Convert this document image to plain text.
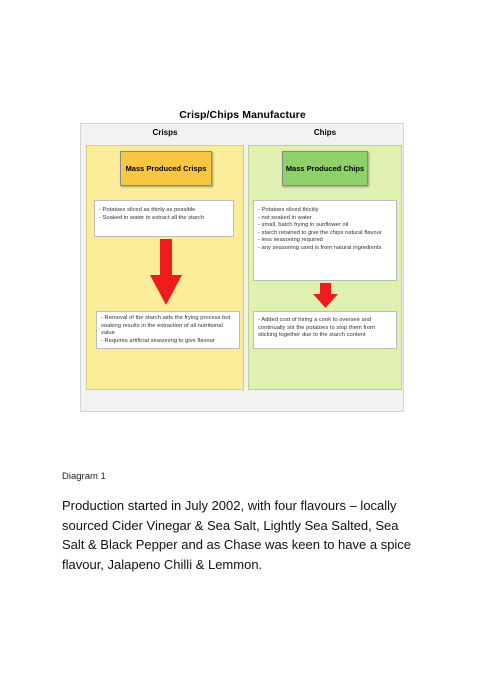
Crisp/Chips Manufacture
Crisps	Chips
Mass Produced Crisps	Mass Produced Chips
- Potatoes sliced as thinly as possible
- Soaked in water to extract all the starch
- Potatoes sliced thickly
- not soaked in water
- small, batch frying in sunflower oil
- starch retained to give the chips natural flavour
- less seasoning required
- any seasoning used is from natural ingredients
- Removal of the starch aids the frying process but soaking results in the extraction of all nutritional value
- Requires artificial seasoning to give flavour
- Added cost of hiring a cook to oversee and continually stir the potatoes to stop them from sticking together due to the starch content
Diagram 1
Production started in July 2002, with four flavours – locally sourced Cider Vinegar & Sea Salt, Lightly Sea Salted, Sea Salt & Black Pepper and as Chase was keen to have a spice flavour, Jalapeno Chilli & Lemmon.
